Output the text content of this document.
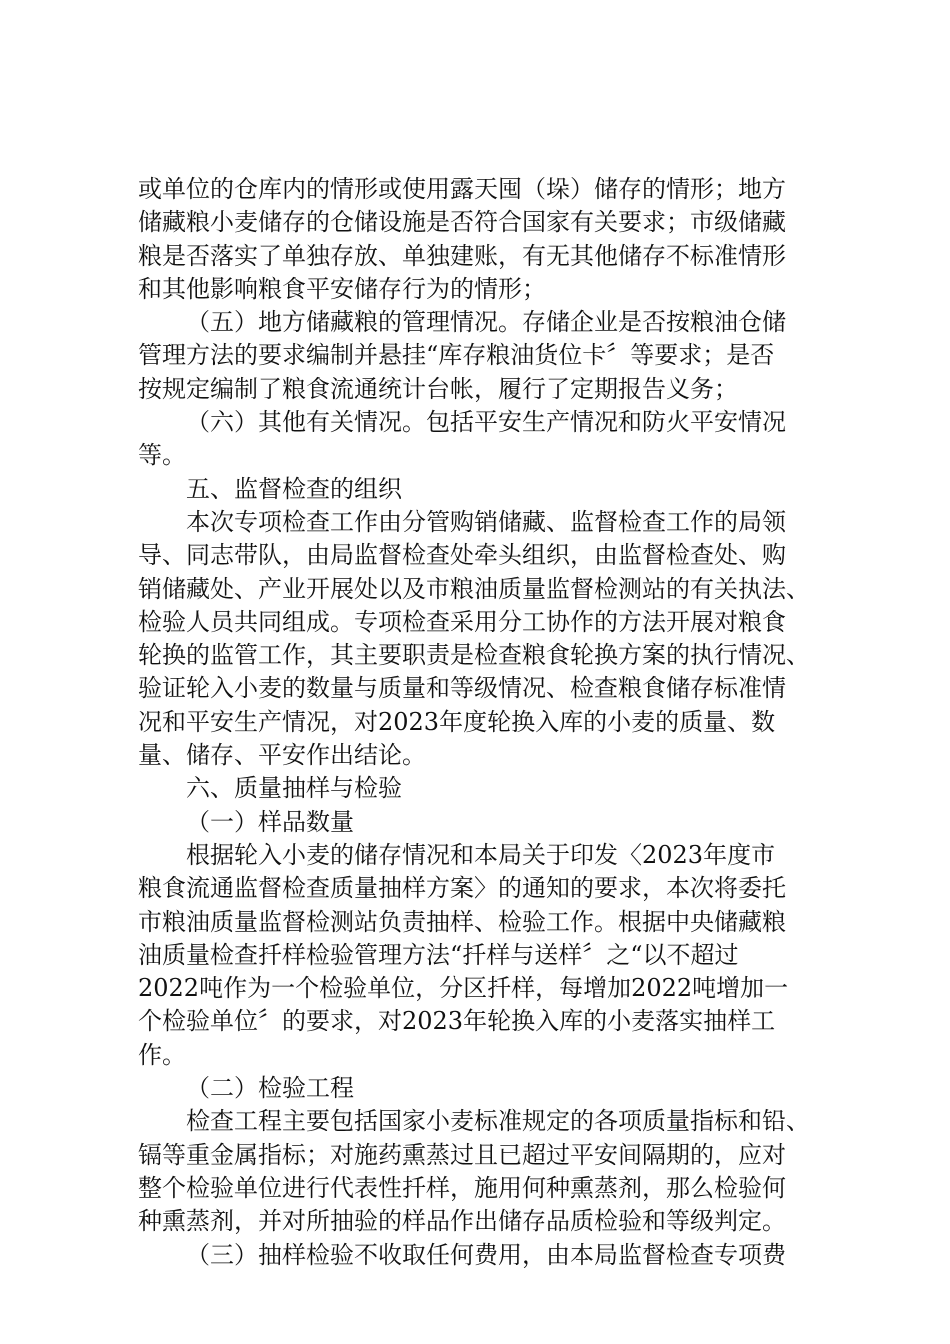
或单位的仓库内的情形或使用露天囤（垛）储存的情形；地方
储藏粮小麦储存的仓储设施是否符合国家有关要求；市级储藏
粮是否落实了单独存放、单独建账，有无其他储存不标准情形
和其他影响粮食平安储存行为的情形；
（五）地方储藏粮的管理情况。存储企业是否按粮油仓储
管理方法的要求编制并悬挂“库存粮油货位卡〞等要求；是否
按规定编制了粮食流通统计台帐，履行了定期报告义务；
（六）其他有关情况。包括平安生产情况和防火平安情况
等。
五、监督检查的组织
本次专项检查工作由分管购销储藏、监督检查工作的局领
导、同志带队，由局监督检查处牵头组织，由监督检查处、购
销储藏处、产业开展处以及市粮油质量监督检测站的有关执法、
检验人员共同组成。专项检查采用分工协作的方法开展对粮食
轮换的监管工作，其主要职责是检查粮食轮换方案的执行情况、
验证轮入小麦的数量与质量和等级情况、检查粮食储存标准情
况和平安生产情况，对2023年度轮换入库的小麦的质量、数
量、储存、平安作出结论。
六、质量抽样与检验
（一）样品数量
根据轮入小麦的储存情况和本局关于印发〈2023年度市
粮食流通监督检查质量抽样方案〉的通知的要求，本次将委托
市粮油质量监督检测站负责抽样、检验工作。根据中央储藏粮
油质量检查扦样检验管理方法“扦样与送样〞之“以不超过
2022吨作为一个检验单位，分区扦样，每增加2022吨增加一
个检验单位〞的要求，对2023年轮换入库的小麦落实抽样工
作。
（二）检验工程
检查工程主要包括国家小麦标准规定的各项质量指标和铅、
镉等重金属指标；对施药熏蒸过且已超过平安间隔期的，应对
整个检验单位进行代表性扦样，施用何种熏蒸剂，那么检验何
种熏蒸剂，并对所抽验的样品作出储存品质检验和等级判定。
（三）抽样检验不收取任何费用，由本局监督检查专项费
